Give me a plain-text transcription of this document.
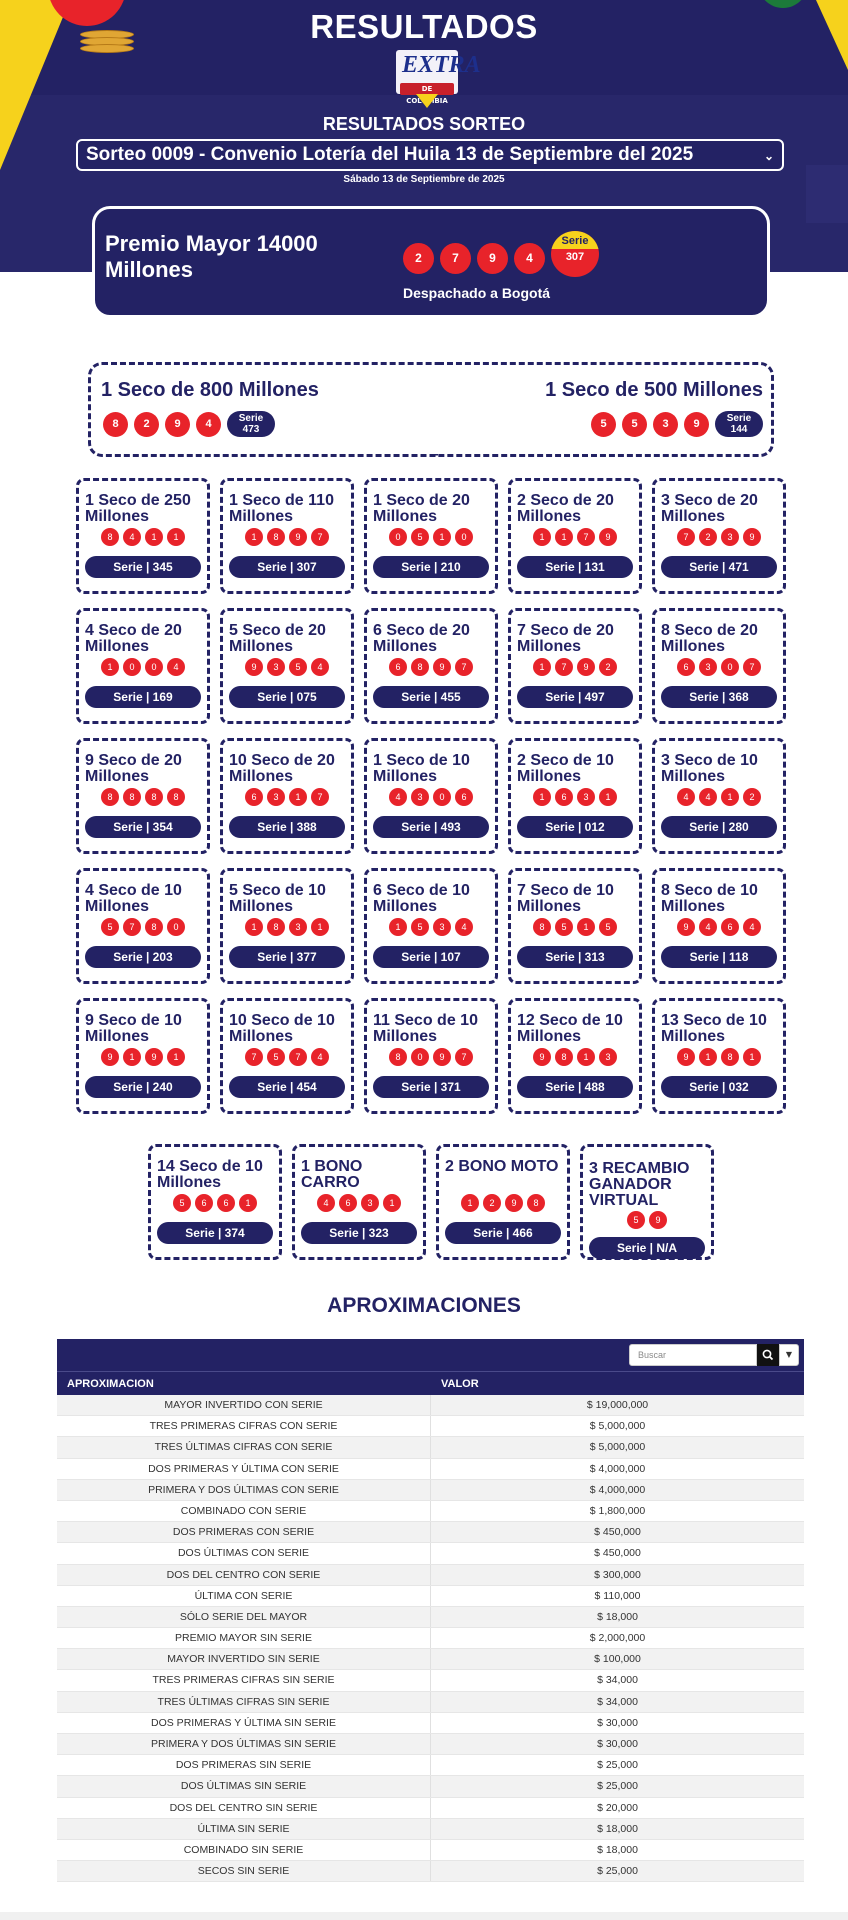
RESULTADOS
EXTRA
DE COLOMBIA
RESULTADOS SORTEO
Sorteo 0009 - Convenio Lotería del Huila 13 de Septiembre del 2025	⌄
Sábado 13 de Septiembre de 2025
Premio Mayor 14000 Millones	2	7	9	4
Serie
307
Despachado a Bogotá
1 Seco de 800 Millones
8	2	9	4	Serie
473
1 Seco de 500 Millones
5	5	3	9	Serie
144
1 Seco de 250 Millones
8	4	1	1
Serie | 345
1 Seco de 110 Millones
1	8	9	7
Serie | 307
1 Seco de 20 Millones
0	5	1	0
Serie | 210
2 Seco de 20 Millones
1	1	7	9
Serie | 131
3 Seco de 20 Millones
7	2	3	9
Serie | 471
4 Seco de 20 Millones
1	0	0	4
Serie | 169
5 Seco de 20 Millones
9	3	5	4
Serie | 075
6 Seco de 20 Millones
6	8	9	7
Serie | 455
7 Seco de 20 Millones
1	7	9	2
Serie | 497
8 Seco de 20 Millones
6	3	0	7
Serie | 368
9 Seco de 20 Millones
8	8	8	8
Serie | 354
10 Seco de 20 Millones
6	3	1	7
Serie | 388
1 Seco de 10 Millones
4	3	0	6
Serie | 493
2 Seco de 10 Millones
1	6	3	1
Serie | 012
3 Seco de 10 Millones
4	4	1	2
Serie | 280
4 Seco de 10 Millones
5	7	8	0
Serie | 203
5 Seco de 10 Millones
1	8	3	1
Serie | 377
6 Seco de 10 Millones
1	5	3	4
Serie | 107
7 Seco de 10 Millones
8	5	1	5
Serie | 313
8 Seco de 10 Millones
9	4	6	4
Serie | 118
9 Seco de 10 Millones
9	1	9	1
Serie | 240
10 Seco de 10 Millones
7	5	7	4
Serie | 454
11 Seco de 10 Millones
8	0	9	7
Serie | 371
12 Seco de 10 Millones
9	8	1	3
Serie | 488
13 Seco de 10 Millones
9	1	8	1
Serie | 032
14 Seco de 10 Millones
5	6	6	1
Serie | 374
1 BONO CARRO
4	6	3	1
Serie | 323
2 BONO MOTO
1	2	9	8
Serie | 466
3 RECAMBIO GANADOR VIRTUAL
5	9
Serie | N/A
APROXIMACIONES
Buscar	▼
APROXIMACION	VALOR
MAYOR INVERTIDO CON SERIE	$ 19,000,000
TRES PRIMERAS CIFRAS CON SERIE	$ 5,000,000
TRES ÚLTIMAS CIFRAS CON SERIE	$ 5,000,000
DOS PRIMERAS Y ÚLTIMA CON SERIE	$ 4,000,000
PRIMERA Y DOS ÚLTIMAS CON SERIE	$ 4,000,000
COMBINADO CON SERIE	$ 1,800,000
DOS PRIMERAS CON SERIE	$ 450,000
DOS ÚLTIMAS CON SERIE	$ 450,000
DOS DEL CENTRO CON SERIE	$ 300,000
ÚLTIMA CON SERIE	$ 110,000
SÓLO SERIE DEL MAYOR	$ 18,000
PREMIO MAYOR SIN SERIE	$ 2,000,000
MAYOR INVERTIDO SIN SERIE	$ 100,000
TRES PRIMERAS CIFRAS SIN SERIE	$ 34,000
TRES ÚLTIMAS CIFRAS SIN SERIE	$ 34,000
DOS PRIMERAS Y ÚLTIMA SIN SERIE	$ 30,000
PRIMERA Y DOS ÚLTIMAS SIN SERIE	$ 30,000
DOS PRIMERAS SIN SERIE	$ 25,000
DOS ÚLTIMAS SIN SERIE	$ 25,000
DOS DEL CENTRO SIN SERIE	$ 20,000
ÚLTIMA SIN SERIE	$ 18,000
COMBINADO SIN SERIE	$ 18,000
SECOS SIN SERIE	$ 25,000
